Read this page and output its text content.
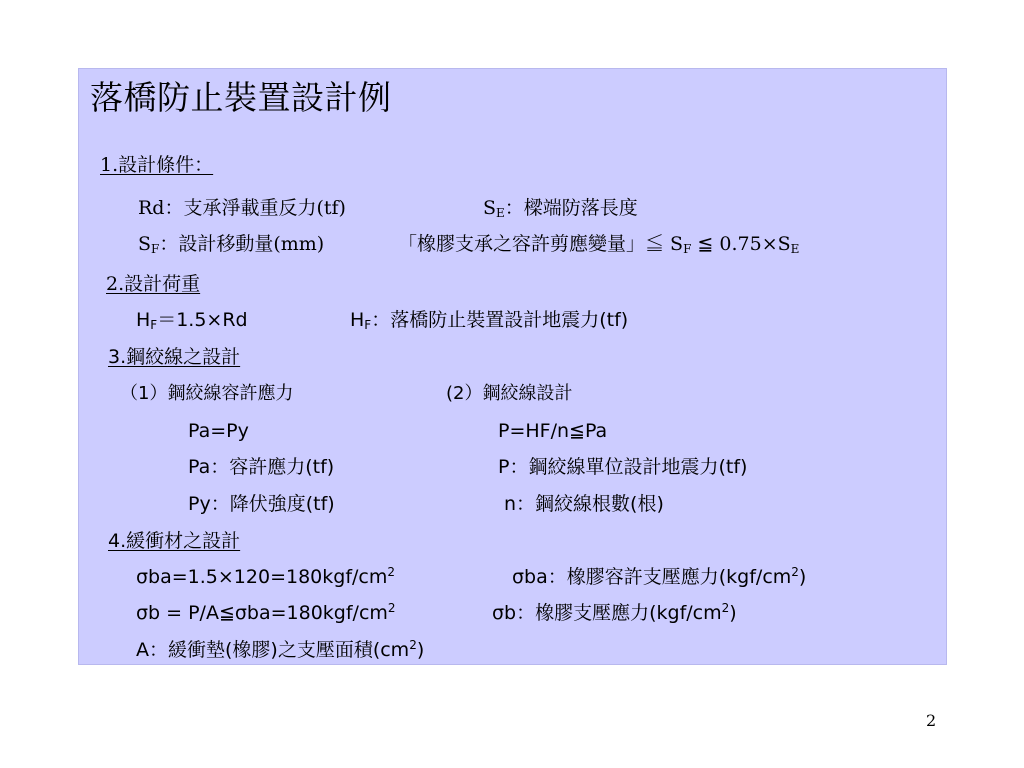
落橋防止裝置設計例
1.設計條件：
Rd：支承淨載重反力(tf)	$S_E$：樑端防落長度
$S_F$：設計移動量(mm)	「橡膠支承之容許剪應變量」≦ $S_F$ ≦ $0.75\times S_E$
2.設計荷重
$H_F=1.5\times Rd$	$H_F$：落橋防止裝置設計地震力(tf)
3.鋼絞線之設計
（1）鋼絞線容許應力	(2）鋼絞線設計
Pa=Py	P=HF/n≦Pa
Pa：容許應力(tf)	P：鋼絞線單位設計地震力(tf)
Py：降伏強度(tf)	n：鋼絞線根數(根)
4.緩衝材之設計
$\sigma ba=1.5\times 120=180kgf/cm^2$	σba：橡膠容許支壓應力$(kgf/cm^2)$
$\sigma b = P/A≦\sigma ba=180kgf/cm^2$	σb：橡膠支壓應力$(kgf/cm^2)$
A：緩衝墊(橡膠)之支壓面積$(cm^2)$
2
